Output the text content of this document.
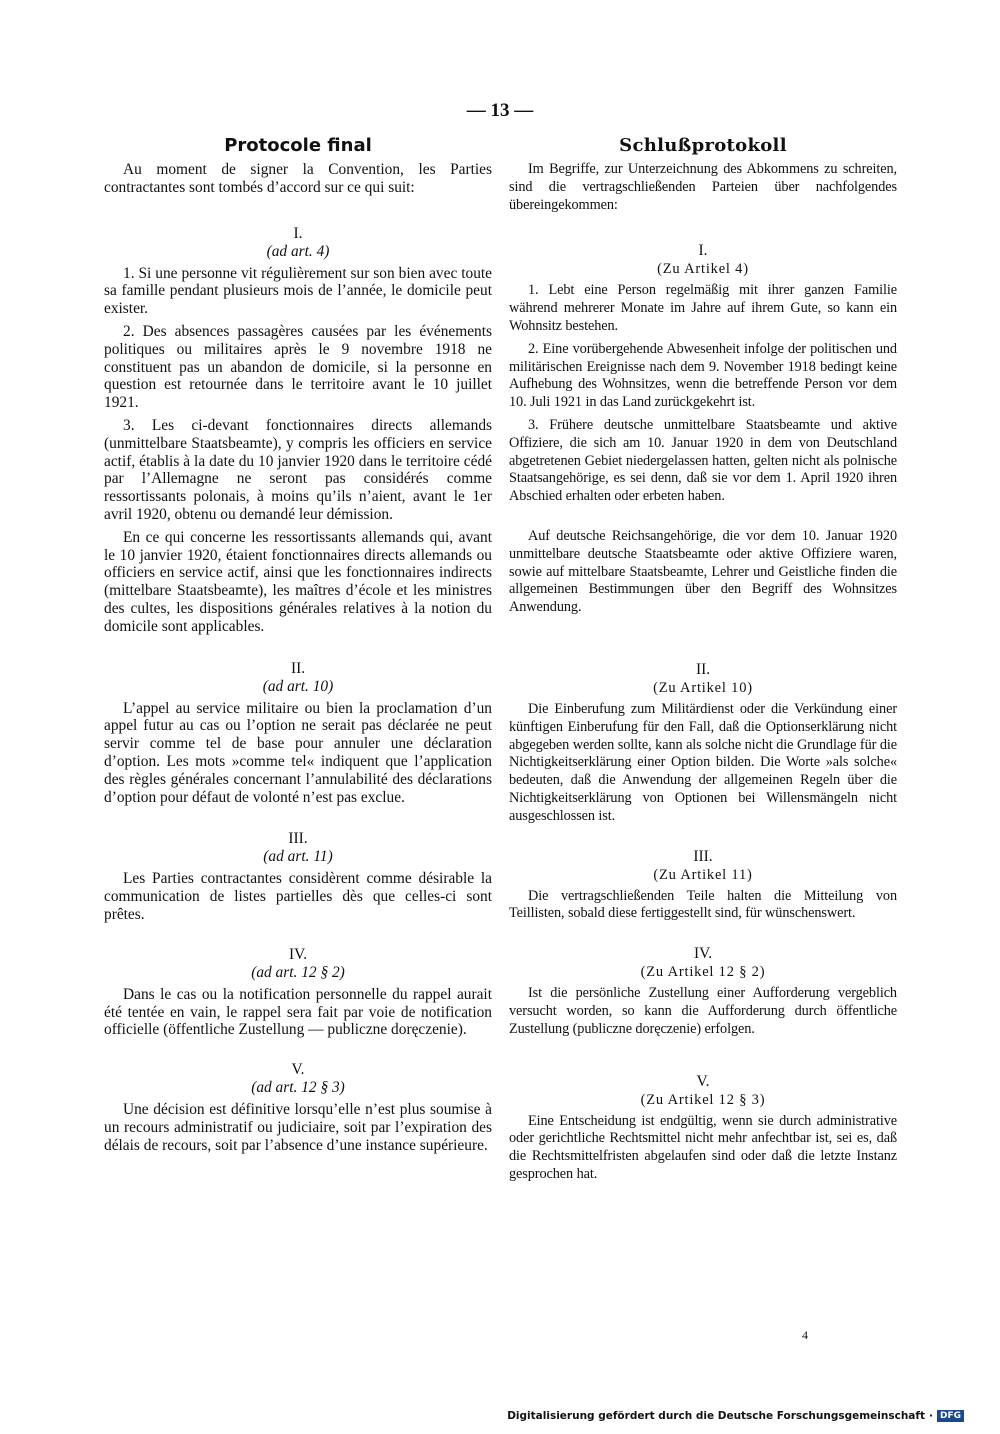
— 13 —
Protocole final

Au moment de signer la Convention, les Parties contractantes sont tombés d’accord sur ce qui suit:

I.
(ad art. 4)

1. Si une personne vit régulièrement sur son bien avec toute sa famille pendant plusieurs mois de l’année, le domicile peut exister.

2. Des absences passagères causées par les événements politiques ou militaires après le 9 novembre 1918 ne constituent pas un abandon de domicile, si la personne en question est retournée dans le territoire avant le 10 juillet 1921.

3. Les ci-devant fonctionnaires directs allemands (unmittelbare Staatsbeamte), y compris les officiers en service actif, établis à la date du 10 janvier 1920 dans le territoire cédé par l’Allemagne ne seront pas considérés comme ressortissants polonais, à moins qu’ils n’aient, avant le 1er avril 1920, obtenu ou demandé leur démission.

En ce qui concerne les ressortissants allemands qui, avant le 10 janvier 1920, étaient fonctionnaires directs allemands ou officiers en service actif, ainsi que les fonctionnaires indirects (mittelbare Staatsbeamte), les maîtres d’école et les ministres des cultes, les dispositions générales relatives à la notion du domicile sont applicables.

II.
(ad art. 10)

L’appel au service militaire ou bien la proclamation d’un appel futur au cas ou l’option ne serait pas déclarée ne peut servir comme tel de base pour annuler une déclaration d’option. Les mots »comme tel« indiquent que l’application des règles générales concernant l’annulabilité des déclarations d’option pour défaut de volonté n’est pas exclue.

III.
(ad art. 11)

Les Parties contractantes considèrent comme désirable la communication de listes partielles dès que celles-ci sont prêtes.

IV.
(ad art. 12 § 2)

Dans le cas ou la notification personnelle du rappel aurait été tentée en vain, le rappel sera fait par voie de notification officielle (öffentliche Zustellung — publiczne doręczenie).

V.
(ad art. 12 § 3)

Une décision est définitive lorsqu’elle n’est plus soumise à un recours administratif ou judiciaire, soit par l’expiration des délais de recours, soit par l’absence d’une instance supérieure.

Schlußprotokoll

Im Begriffe, zur Unterzeichnung des Abkommens zu schreiten, sind die vertragschließenden Parteien über nachfolgendes übereingekommen:

I.
(Zu Artikel 4)

1. Lebt eine Person regelmäßig mit ihrer ganzen Familie während mehrerer Monate im Jahre auf ihrem Gute, so kann ein Wohnsitz bestehen.

2. Eine vorübergehende Abwesenheit infolge der politischen und militärischen Ereignisse nach dem 9. November 1918 bedingt keine Aufhebung des Wohnsitzes, wenn die betreffende Person vor dem 10. Juli 1921 in das Land zurückgekehrt ist.

3. Frühere deutsche unmittelbare Staatsbeamte und aktive Offiziere, die sich am 10. Januar 1920 in dem von Deutschland abgetretenen Gebiet niedergelassen hatten, gelten nicht als polnische Staatsangehörige, es sei denn, daß sie vor dem 1. April 1920 ihren Abschied erhalten oder erbeten haben.

Auf deutsche Reichsangehörige, die vor dem 10. Januar 1920 unmittelbare deutsche Staatsbeamte oder aktive Offiziere waren, sowie auf mittelbare Staatsbeamte, Lehrer und Geistliche finden die allgemeinen Bestimmungen über den Begriff des Wohnsitzes Anwendung.

II.
(Zu Artikel 10)

Die Einberufung zum Militärdienst oder die Verkündung einer künftigen Einberufung für den Fall, daß die Optionserklärung nicht abgegeben werden sollte, kann als solche nicht die Grundlage für die Nichtigkeitserklärung einer Option bilden. Die Worte »als solche« bedeuten, daß die Anwendung der allgemeinen Regeln über die Nichtigkeitserklärung von Optionen bei Willensmängeln nicht ausgeschlossen ist.

III.
(Zu Artikel 11)

Die vertragschließenden Teile halten die Mitteilung von Teillisten, sobald diese fertiggestellt sind, für wünschenswert.

IV.
(Zu Artikel 12 § 2)

Ist die persönliche Zustellung einer Aufforderung vergeblich versucht worden, so kann die Aufforderung durch öffentliche Zustellung (publiczne doręczenie) erfolgen.

V.
(Zu Artikel 12 § 3)

Eine Entscheidung ist endgültig, wenn sie durch administrative oder gerichtliche Rechtsmittel nicht mehr anfechtbar ist, sei es, daß die Rechtsmittelfristen abgelaufen sind oder daß die letzte Instanz gesprochen hat.

4
Digitalisierung gefördert durch die Deutsche Forschungsgemeinschaft · DFG
